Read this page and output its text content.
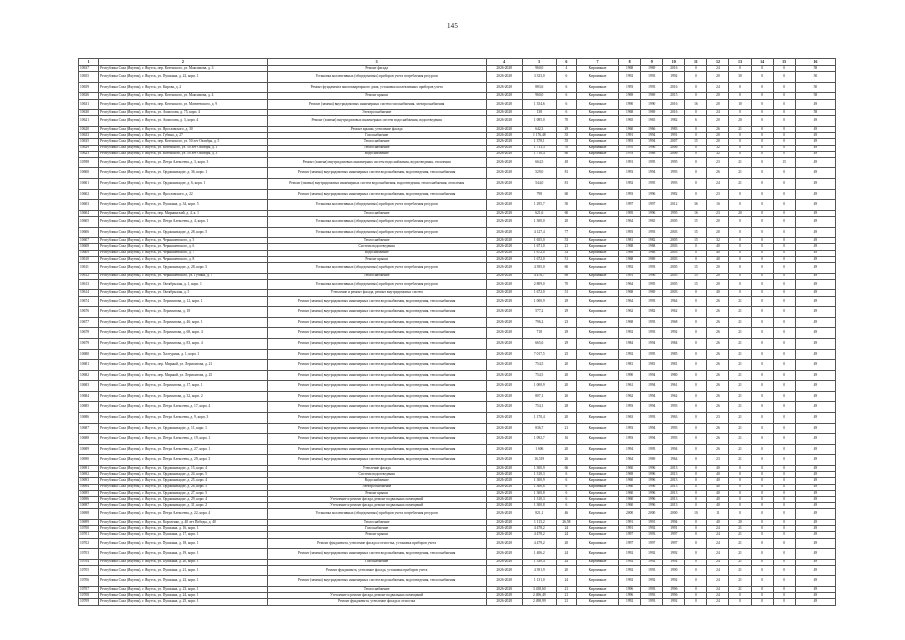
145
1	2	3	4	5	6	7	8	9	10	11	12	13	14	15	16
10637	Республика Саха (Якутия), г. Якутск, пер. Котенского, ул. Максимова, д. 3	Ремонт фасада	2026-2028	960,0	4	Кирпичные	1968	1969	2016	0	24	0	0	0	58
10655	Республика Саха (Якутия), г. Якутск, ул. Пушкина, д. 22, корп. 1	Установка коллективных (общедомовых) приборов учета потребления ресурсов	2026-2028	3 333,0	6	Кирпичные	1992	1993	1992	0	20	30	0	0	50
10659	Республика Саха (Якутия), г. Якутск, ул. Кирова, д. 2	Ремонт фундамента многоквартирного дома, установка коллективных приборов учета	2026-2028	883,6	6	Кирпичные	1993	1993	2016	0	24	0	0	0	50
10636	Республика Саха (Якутия), г. Якутск, пер. Котенского, ул. Максимова, д. 4	Ремонт крыши	2026-2028	960,0	6	Кирпичные	1969	1969	2015	0	20	0	0	0	58
10631	Республика Саха (Якутия), г. Якутск, пер. Котенского, ул. Матвеевского, д. 9	Ремонт (замена) внутридомовых инженерных систем газоснабжения, электроснабжения	2026-2028	1 354,6	6	Кирпичные	1990	1990	2016	16	20	10	0	0	49
10630	Республика Саха (Якутия), г. Якутск, ул. Аммосова, д. 75, корп. 4	Электроснабжение	2026-2028	138	6	Кирпичные	1968	1969	2016	0	24	0	0	0	58
10621	Республика Саха (Якутия), г. Якутск, ул. Аммосова, д. 3, корп. 4	Ремонт (замена) внутридомовых инженерных систем водоснабжения, водоотведения	2026-2028	1 085,0	70	Кирпичные	1965	1965	1982	6	20	20	0	0	49
10620	Республика Саха (Якутия), г. Якутск, ул. Ярославского, д. 30	Ремонт крыши, утепление фасада	2026-2028	642,3	29	Кирпичные	1960	1966	1983	0	26	21	0	0	49
10633	Республика Саха (Якутия), г. Якутск, ул. Губина, д. 27	Газоснабжение	2026-2028	1 176,48	35	Кирпичные	1991	1994	1991	0	20	0	0	0	49
10635	Республика Саха (Якутия), г. Якутск, пер. Котенского, ул. 50 лет Октября, д. 5	Теплоснабжение	2026-2028	1 378,1	55	Кирпичные	1993	1994	2007	15	20	0	0	0	49
10629	Республика Саха (Якутия), г. Якутск, ул. Котенского, ул. 50 лет Октября, д. 1	Теплоснабжение	2026-2028	1 713,3	70	Кирпичные	1970	1996	2006	0	32	0	0	0	49
10623	Республика Саха (Якутия), г. Якутск, ул. Котенского, ул. 50 лет Октября, д. 3	Водоснабжение	2026-2028	1 710,4	60	Кирпичные	1978	1988	2006	0	32	0	0	0	49
10598	Республика Саха (Якутия), г. Якутск, ул. Петра Алексеева, д. 3, корп. 3	Ремонт (замена) внутридомовых инженерных систем водоснабжения, водоотведения, отопления	2026-2028	664,5	49	Кирпичные	1991	1995	1995	0	23	21	0	15	49
10600	Республика Саха (Якутия), г. Якутск, ул. Орджоникидзе, д. 36, корп. 1	Ремонт (замена) внутридомовых инженерных систем водоснабжения, водоотведения, теплоснабжения	2026-2028	529,0	81	Кирпичные	1993	1994	1993	0	26	21	0	0	49
10601	Республика Саха (Якутия), г. Якутск, ул. Орджоникидзе, д. 6, корп. 1	Ремонт (замена) внутридомовых инженерных систем водоснабжения, водоотведения, теплоснабжения, отопления	2026-2028	544,0	81	Кирпичные	1992	1995	1993	0	24	21	0	0	49
10602	Республика Саха (Якутия), г. Якутск, ул. Ярославского, д. 22	Ремонт (замена) внутридомовых инженерных систем водоснабжения, водоотведения, теплоснабжения	2026-2028	798	60	Кирпичные	1993	1996	1982	0	23	0	0	0	49
10603	Республика Саха (Якутия), г. Якутск, ул. Пушкина, д. 34, корп. 5	Установка коллективных (общедомовых) приборов учета потребления ресурсов	2026-2028	1 295,7	50	Кирпичные	1997	1997	2012	36	16	0	0	0	49
10604	Республика Саха (Якутия), г. Якутск, пер. Мирнинский, д. 4, к. 1	Теплоснабжение	2026-2028	621,6	60	Кирпичные	1995	1996	1995	16	23	20	0	0	49
10605	Республика Саха (Якутия), г. Якутск, ул. Петра Алексеева, д. 4, корп. 1	Установка коллективных (общедомовых) приборов учета потребления ресурсов	2026-2028	1 300,0	20	Кирпичные	1964	1965	2005	15	20	0	0	0	49
10606	Республика Саха (Якутия), г. Якутск, ул. Орджоникидзе, д. 28, корп. 5	Установка коллективных (общедомовых) приборов учета потребления ресурсов	2026-2028	4 127,4	77	Кирпичные	1993	1993	2003	15	20	0	0	0	49
10607	Республика Саха (Якутия), г. Якутск, ул. Чернышевского, д. 5	Теплоснабжение	2026-2028	1 655,0	53	Кирпичные	1981	1982	2005	15	32	0	0	0	49
10608	Республика Саха (Якутия), г. Якутск, ул. Чернышевского, д. 6	Система водоотведения	2026-2028	1 671,0	21	Кирпичные	1968	1968	2003	0	40	0	0	0	49
10609	Республика Саха (Якутия), г. Якутск, ул. Чернышевского, д. 7	Водоснабжение	2026-2028	1 672,0	33	Кирпичные	1969	1968	2003	0	40	0	0	0	49
10610	Республика Саха (Якутия), г. Якутск, ул. Чернышевского, д. 8	Ремонт крыши	2026-2028	1 672,0	51	Кирпичные	1968	1969	2003	0	40	0	0	0	49
10611	Республика Саха (Якутия), г. Якутск, ул. Орджоникидзе, д. 28, корп. 5	Установка коллективных (общедомовых) приборов учета потребления ресурсов	2026-2028	4 395,0	60	Кирпичные	1992	1993	2005	15	20	0	0	0	49
10612	Республика Саха (Якутия), г. Якутск, ул. Чернышевского, ул. Губина, д. 7	Теплоснабжение	2026-2028	4 476,7	69	Кирпичные	1991	1996	2005	15	20	0	0	0	49
10613	Республика Саха (Якутия), г. Якутск, ул. Октябрьская, д. 1, корп. 1	Установка коллективных (общедомовых) приборов учета потребления ресурсов	2026-2028	2 809,0	70	Кирпичные	1964	1995	2005	15	20	0	0	0	49
10614	Республика Саха (Якутия), г. Якутск, ул. Октябрьская, д. 5	Утепление и ремонт фасада, ремонт внутридомовых систем	2026-2028	1 672,0	51	Кирпичные	1968	1969	2003	0	40	0	0	0	49
10674	Республика Саха (Якутия), г. Якутск, ул. Лермонтова, д. 12, корп. 1	Ремонт (замена) внутридомовых инженерных систем водоснабжения, водоотведения, теплоснабжения	2026-2028	1 000,9	29	Кирпичные	1964	1993	1964	0	26	21	0	0	49
10676	Республика Саха (Якутия), г. Якутск, ул. Лермонтова, д. 18	Ремонт (замена) внутридомовых инженерных систем водоснабжения, водоотведения, теплоснабжения	2026-2028	577,2	29	Кирпичные	1962	1982	1962	0	26	21	0	0	49
10677	Республика Саха (Якутия), г. Якутск, ул. Лермонтова, д. 46, корп. 1	Ремонт (замена) внутридомовых инженерных систем водоснабжения, водоотведения, теплоснабжения	2026-2028	796,2	23	Кирпичные	1968	1993	1968	0	26	21	0	0	49
10678	Республика Саха (Якутия), г. Якутск, ул. Лермонтова, д. 68, корп. 4	Ремонт (замена) внутридомовых инженерных систем водоснабжения, водоотведения, теплоснабжения	2026-2028	718	29	Кирпичные	1992	1993	1992	0	26	21	0	0	49
10679	Республика Саха (Якутия), г. Якутск, ул. Лермонтова, д. 83, корп. 4	Ремонт (замена) внутридомовых инженерных систем водоснабжения, водоотведения, теплоснабжения	2026-2028	665,6	29	Кирпичные	1984	1994	1984	0	26	21	0	0	49
10680	Республика Саха (Якутия), г. Якутск, ул. Халтурина, д. 1, корп. 1	Ремонт (замена) внутридомовых инженерных систем водоснабжения, водоотведения, теплоснабжения	2026-2028	7 017,5	25	Кирпичные	1992	1995	1985	0	26	21	0	0	49
10681	Республика Саха (Якутия), г. Якутск, пер. Мирный, ул. Лермонтова, д. 21	Ремонт (замена) внутридомовых инженерных систем водоснабжения, водоотведения, теплоснабжения	2026-2028	754,5	20	Кирпичные	1981	1981	1981	0	26	21	0	0	49
10682	Республика Саха (Якутия), г. Якутск, пер. Мирный, ул. Лермонтова, д. 25	Ремонт (замена) внутридомовых инженерных систем водоснабжения, водоотведения, теплоснабжения	2026-2028	754,5	20	Кирпичные	1990	1994	1980	0	26	21	0	0	49
10683	Республика Саха (Якутия), г. Якутск, ул. Лермонтова, д. 17, корп. 1	Ремонт (замена) внутридомовых инженерных систем водоснабжения, водоотведения, теплоснабжения	2026-2028	1 000,9	20	Кирпичные	1961	1994	1961	0	26	21	0	0	49
10684	Республика Саха (Якутия), г. Якутск, ул. Лермонтова, д. 32, корп. 2	Ремонт (замена) внутридомовых инженерных систем водоснабжения, водоотведения, теплоснабжения	2026-2028	807,1	26	Кирпичные	1962	1994	1962	0	26	21	0	0	49
10685	Республика Саха (Якутия), г. Якутск, ул. Петра Алексеева, д. 17, корп. 4	Ремонт (замена) внутридомовых инженерных систем водоснабжения, водоотведения, теплоснабжения	2026-2028	754,1	28	Кирпичные	1993	1994	1993	0	26	21	0	0	49
10686	Республика Саха (Якутия), г. Якутск, ул. Петра Алексеева, д. 9, корп. 3	Ремонт (замена) внутридомовых инженерных систем водоснабжения, водоотведения, теплоснабжения	2026-2028	1 170,4	20	Кирпичные	1963	1993	1963	0	23	21	0	0	49
10687	Республика Саха (Якутия), г. Якутск, ул. Орджоникидзе, д. 11, корп. 1	Ремонт (замена) внутридомовых инженерных систем водоснабжения, водоотведения, теплоснабжения	2026-2028	836,7	21	Кирпичные	1993	1994	1993	0	26	21	0	0	49
10688	Республика Саха (Якутия), г. Якутск, ул. Петра Алексеева, д. 19, корп. 1	Ремонт (замена) внутридомовых инженерных систем водоснабжения, водоотведения, теплоснабжения	2026-2028	1 092,7	16	Кирпичные	1993	1994	1993	0	26	21	0	0	49
10689	Республика Саха (Якутия), г. Якутск, ул. Петра Алексеева, д. 27, корп. 1	Ремонт (замена) внутридомовых инженерных систем водоснабжения, водоотведения, теплоснабжения	2026-2028	1 606	20	Кирпичные	1994	1995	1994	0	26	21	0	0	49
10690	Республика Саха (Якутия), г. Якутск, ул. Петра Алексеева, д. 29, корп. 3	Ремонт (замена) внутридомовых инженерных систем водоснабжения, водоотведения, теплоснабжения	2026-2028	16,519	26	Кирпичные	1964	1969	1964	0	23	21	0	0	49
10691	Республика Саха (Якутия), г. Якутск, ул. Орджоникидзе, д. 15, корп. 4	Утепление фасада	2026-2028	1 300,9	66	Кирпичные	1960	1996	2013	0	40	0	0	0	49
10692	Республика Саха (Якутия), г. Якутск, ул. Орджоникидзе, д. 24, корп. 5	Система водоотведения	2026-2028	1 310,3	6	Кирпичные	1969	1996	2013	0	40	0	0	0	49
10693	Республика Саха (Якутия), г. Якутск, ул. Орджоникидзе, д. 25, корп. 4	Водоснабжение	2026-2028	1 300,9	6	Кирпичные	1960	1996	2013	0	40	0	0	0	49
10694	Республика Саха (Якутия), г. Якутск, ул. Орджоникидзе, д. 26, корп. 5	Электроснабжение	2026-2028	1 300,8	6	Кирпичные	1960	1996	2013	0	40	0	0	0	49
10695	Республика Саха (Якутия), г. Якутск, ул. Орджоникидзе, д. 27, корп. 5	Ремонт крыши	2026-2028	1 300,8	6	Кирпичные	1960	1996	2013	0	40	0	0	0	49
10696	Республика Саха (Якутия), г. Якутск, ул. Орджоникидзе, д. 29, корп. 4	Утепление и ремонт фасада, ремонт подвальных помещений	2026-2028	1 310,3	6	Кирпичные	1960	1996	2013	0	40	0	0	0	49
10697	Республика Саха (Якутия), г. Якутск, ул. Орджоникидзе, д. 31, корп. 2	Утепление и ремонт фасада, ремонт подвальных помещений	2026-2028	1 300,8	6	Кирпичные	1960	1996	2013	0	40	0	0	0	49
10698	Республика Саха (Якутия), г. Якутск, ул. Петра Алексеева, д. 22, корп. 4	Установка коллективных (общедомовых) приборов учета потребления ресурсов	2026-2028	821,1	46	Кирпичные	2000	2000	2000	10	11	0	0	0	49
10699	Республика Саха (Якутия), г. Якутск, ул. Короленко, д. 40 лет Победы, д. 40	Теплоснабжение	2026-2028	1 113,2	26,58	Кирпичные	1991	1991	1994	0	40	20	0	0	49
10700	Республика Саха (Якутия), г. Якутск, ул. Пушкина, д. 16, корп. 1	Газоснабжение	2026-2028	4 478,2	24	Кирпичные	1991	1992	1991	0	24	21	0	0	49
10701	Республика Саха (Якутия), г. Якутск, ул. Пушкина, д. 17, корп. 1	Ремонт крыши	2026-2028	4 478,2	24	Кирпичные	1997	1993	1997	0	24	21	0	0	49
10702	Республика Саха (Якутия), г. Якутск, ул. Пушкина, д. 18, корп. 1	Ремонт фундамента, утепление фасада и отмостка, установка приборов учета	2026-2028	4 479,2	20	Кирпичные	1997	1997	1997	0	24	21	0	0	49
10703	Республика Саха (Якутия), г. Якутск, ул. Пушкина, д. 19, корп. 1	Ремонт (замена) внутридомовых инженерных систем водоснабжения, водоотведения, теплоснабжения	2026-2028	1 406,2	24	Кирпичные	1992	1992	1992	0	24	21	0	0	49
10704	Республика Саха (Якутия), г. Якутск, ул. Пушкина, д. 20, корп. 1	Газоснабжение	2026-2028	1 330,4	24	Кирпичные	1992	1992	1992	0	24	21	0	0	49
10705	Республика Саха (Якутия), г. Якутск, ул. Пушкина, д. 21, корп. 1	Ремонт фундамента, утепление фасада, установка приборов учета	2026-2028	4 391,9	20	Кирпичные	1992	1993	1990	0	24	21	0	0	49
10706	Республика Саха (Якутия), г. Якутск, ул. Пушкина, д. 22, корп. 1	Ремонт (замена) внутридомовых инженерных систем водоснабжения, водоотведения, теплоснабжения	2026-2028	1 131,0	24	Кирпичные	1992	1992	1992	0	24	21	0	0	49
10707	Республика Саха (Якутия), г. Якутск, ул. Пушкина, д. 23, корп. 1	Теплоснабжение	2026-2028	3 438,60	21	Кирпичные	1996	1993	1996	0	24	21	0	0	49
10708	Республика Саха (Якутия), г. Якутск, ул. Пушкина, д. 24, корп. 1	Утепление и ремонт фасада, ремонт подвальных помещений	2026-2028	2 496,49	21	Кирпичные	1996	1993	1996	0	24	0	0	0	49
10709	Республика Саха (Якутия), г. Якутск, ул. Пушкина, д. 25, корп. 1	Ремонт фундамента, утепление фасада и отмостка	2026-2028	2 498,99	21	Кирпичные	1992	1993	1992	0	24	0	0	0	49
